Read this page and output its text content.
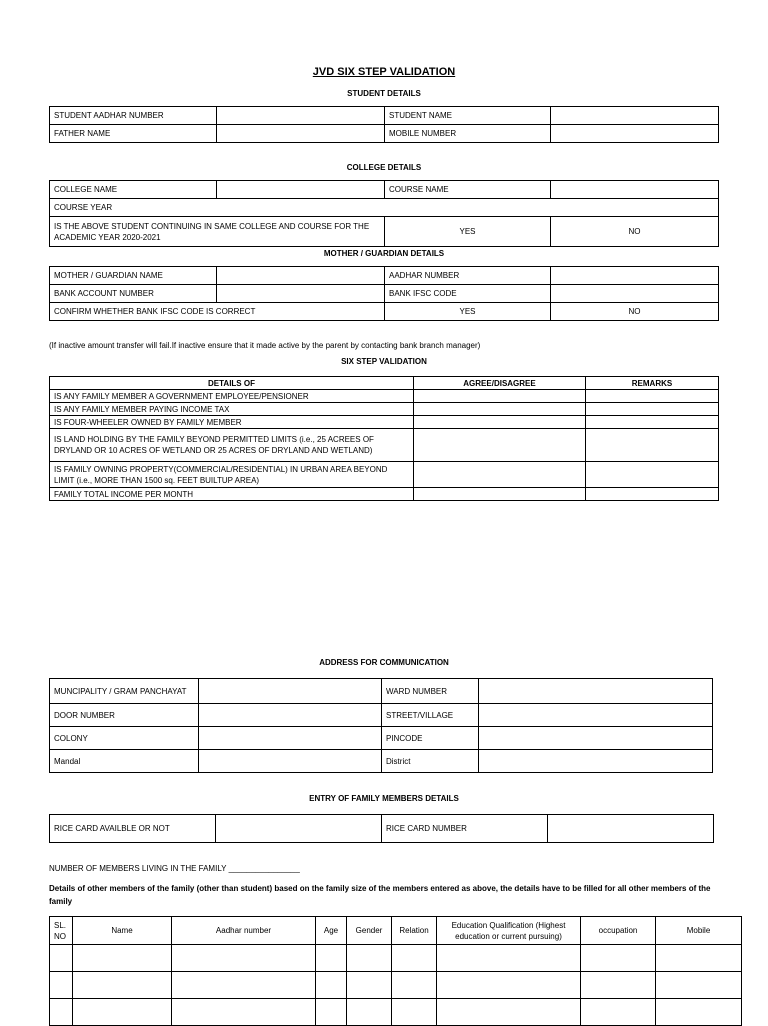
JVD SIX STEP VALIDATION
STUDENT DETAILS
STUDENT AADHAR NUMBER		STUDENT NAME	
FATHER NAME		MOBILE NUMBER	
COLLEGE DETAILS
COLLEGE NAME		COURSE NAME	
COURSE YEAR			
IS THE ABOVE STUDENT CONTINUING IN SAME COLLEGE AND COURSE FOR THE ACADEMIC YEAR 2020-2021		YES	NO
MOTHER / GUARDIAN DETAILS
MOTHER / GUARDIAN NAME		AADHAR NUMBER	
BANK ACCOUNT NUMBER		BANK IFSC CODE	
CONFIRM WHETHER BANK IFSC CODE IS CORRECT		YES	NO
(If inactive amount transfer will fail.If inactive ensure that it made active by the parent by contacting bank branch manager)
SIX STEP VALIDATION
DETAILS OF	AGREE/DISAGREE	REMARKS
IS ANY FAMILY MEMBER A GOVERNMENT EMPLOYEE/PENSIONER		
IS ANY FAMILY MEMBER PAYING INCOME TAX		
IS FOUR-WHEELER OWNED BY FAMILY MEMBER		
IS LAND HOLDING BY THE FAMILY BEYOND PERMITTED LIMITS (i.e., 25 ACREES OF DRYLAND OR 10 ACRES OF WETLAND OR 25 ACRES OF DRYLAND AND WETLAND)		
IS FAMILY OWNING PROPERTY(COMMERCIAL/RESIDENTIAL) IN URBAN AREA BEYOND LIMIT (i.e., MORE THAN 1500 sq. FEET BUILTUP AREA)		
FAMILY TOTAL INCOME PER MONTH		
ADDRESS FOR COMMUNICATION
MUNCIPALITY / GRAM PANCHAYAT		WARD NUMBER	
DOOR NUMBER		STREET/VILLAGE	
COLONY		PINCODE	
Mandal		District	
ENTRY OF FAMILY MEMBERS DETAILS
RICE CARD AVAILBLE OR NOT		RICE CARD NUMBER	
NUMBER OF MEMBERS LIVING IN THE FAMILY ________________
Details of other members of the family (other than student) based on the family size of the members entered as above, the details have to be filled for all other members of the family
SL. NO	Name	Aadhar number	Age	Gender	Relation	Education Qualification (Highest education or current pursuing)	occupation	Mobile
